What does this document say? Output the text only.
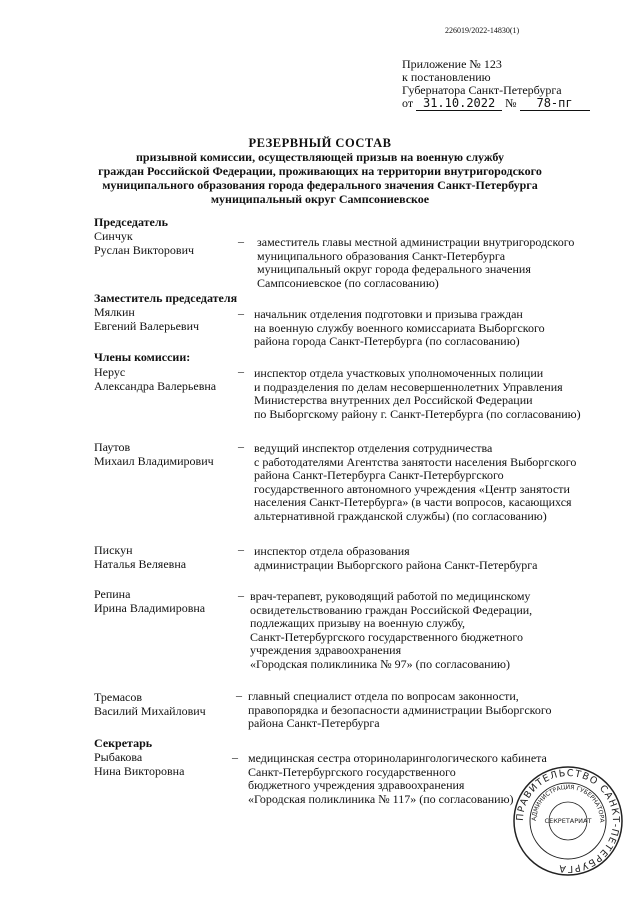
226019/2022-14830(1)
Приложение № 123
к постановлению
Губернатора Санкт-Петербурга
от 31.10.2022 № 78-пг
РЕЗЕРВНЫЙ СОСТАВ
призывной комиссии, осуществляющей призыв на военную службу
граждан Российской Федерации, проживающих на территории внутригородского
муниципального образования города федерального значения Санкт-Петербурга
муниципальный округ Сампсониевское
Председатель
Заместитель председателя
Члены комиссии:
Секретарь
Синчук
Руслан Викторович
– заместитель главы местной администрации внутригородского
муниципального образования Санкт-Петербурга
муниципальный округ города федерального значения
Сампсониевское (по согласованию)
Мялкин
Евгений Валерьевич
– начальник отделения подготовки и призыва граждан
на военную службу военного комиссариата Выборгского
района города Санкт-Петербурга (по согласованию)
Нерус
Александра Валерьевна
– инспектор отдела участковых уполномоченных полиции
и подразделения по делам несовершеннолетних Управления
Министерства внутренних дел Российской Федерации
по Выборгскому району г. Санкт-Петербурга (по согласованию)
Паутов
Михаил Владимирович
– ведущий инспектор отделения сотрудничества
с работодателями Агентства занятости населения Выборгского
района Санкт-Петербурга Санкт-Петербургского
государственного автономного учреждения «Центр занятости
населения Санкт-Петербурга» (в части вопросов, касающихся
альтернативной гражданской службы) (по согласованию)
Пискун
Наталья Веляевна
– инспектор отдела образования
администрации Выборгского района Санкт-Петербурга
Репина
Ирина Владимировна
– врач-терапевт, руководящий работой по медицинскому
освидетельствованию граждан Российской Федерации,
подлежащих призыву на военную службу,
Санкт-Петербургского государственного бюджетного
учреждения здравоохранения
«Городская поликлиника № 97» (по согласованию)
Тремасов
Василий Михайлович
– главный специалист отдела по вопросам законности,
правопорядка и безопасности администрации Выборгского
района Санкт-Петербурга
Рыбакова
Нина Викторовна
– медицинская сестра оториноларингологического кабинета
Санкт-Петербургского государственного
бюджетного учреждения здравоохранения
«Городская поликлиника № 117» (по согласованию)
ПРАВИТЕЛЬСТВО САНКТ-ПЕТЕРБУРГА
АДМИНИСТРАЦИЯ ГУБЕРНАТОРА
СЕКРЕТАРИАТ
